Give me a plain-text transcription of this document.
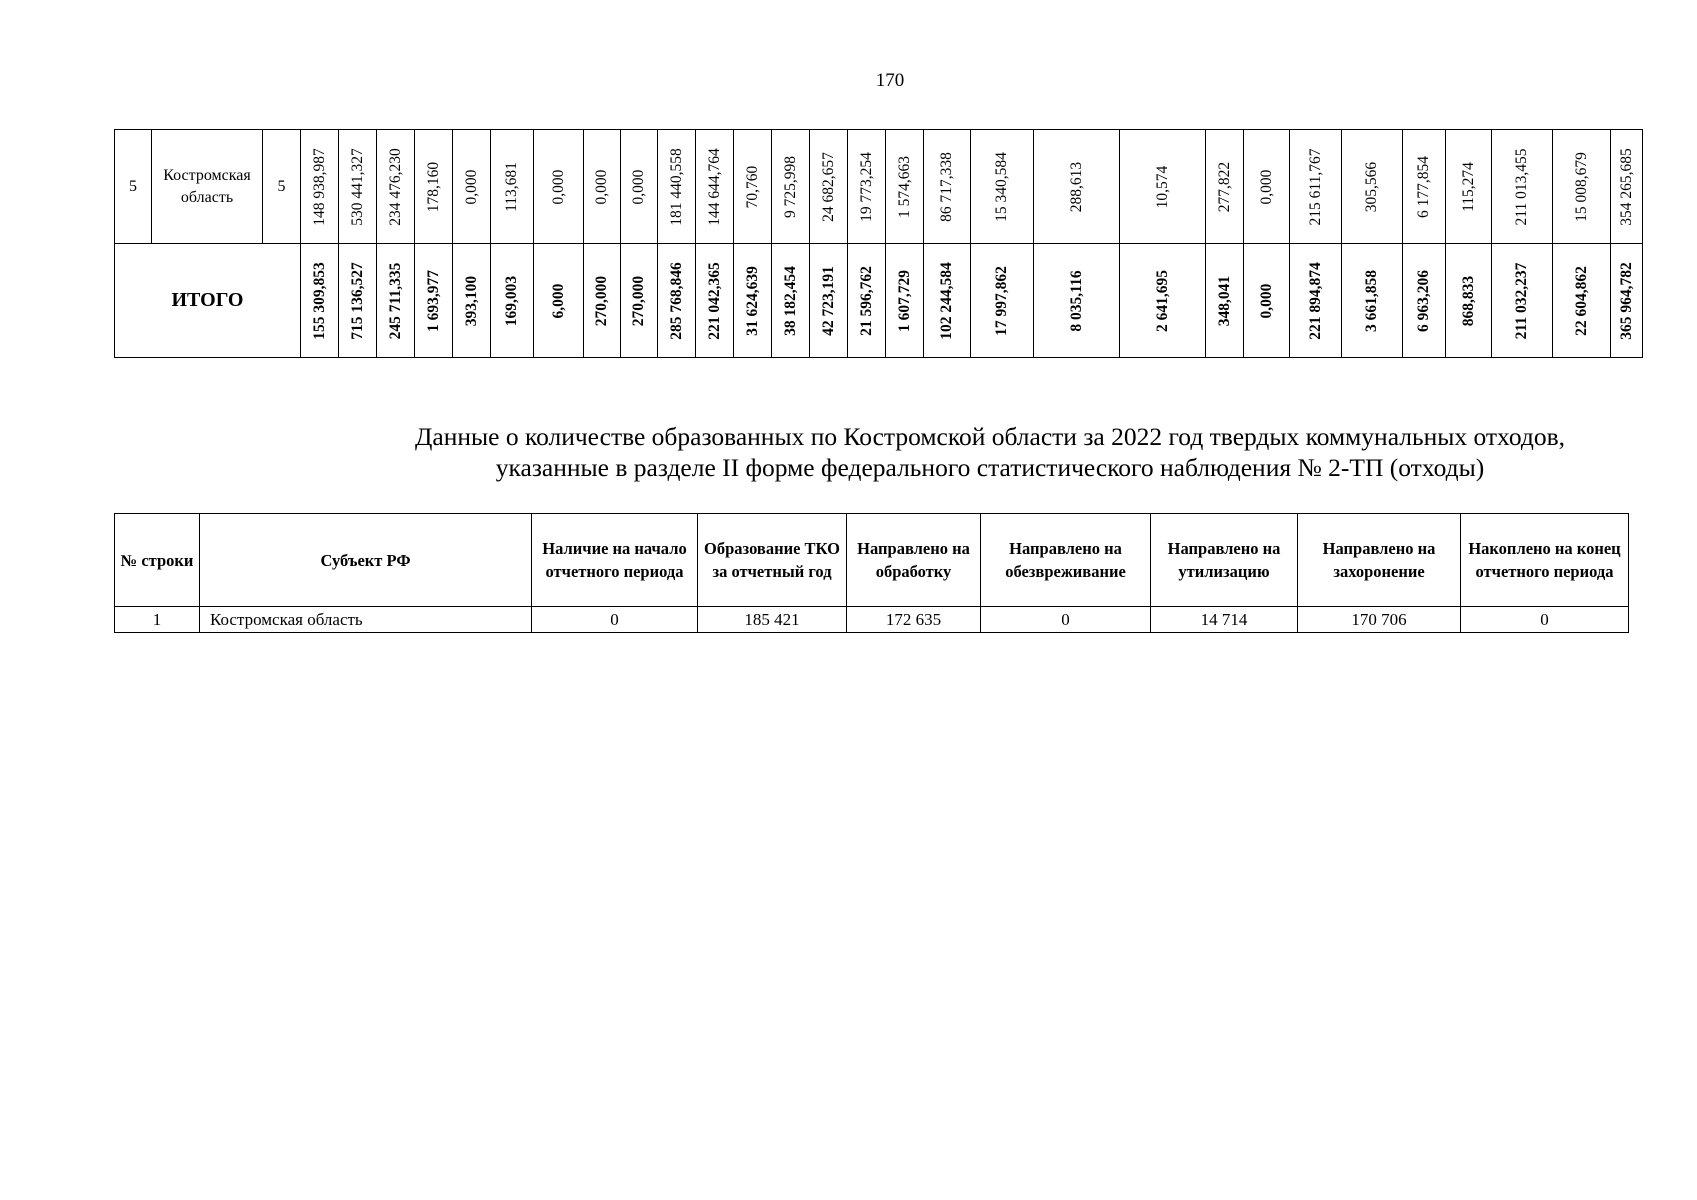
170
5	Костромская область	5	148 938,987	530 441,327	234 476,230	178,160	0,000	113,681	0,000	0,000	0,000	181 440,558	144 644,764	70,760	9 725,998	24 682,657	19 773,254	1 574,663	86 717,338	15 340,584	288,613	10,574	277,822	0,000	215 611,767	305,566	6 177,854	115,274	211 013,455	15 008,679	354 265,685

ИТОГО			155 309,853	715 136,527	245 711,335	1 693,977	393,100	169,003	6,000	270,000	270,000	285 768,846	221 042,365	31 624,639	38 182,454	42 723,191	21 596,762	1 607,729	102 244,584	17 997,862	8 035,116	2 641,695	348,041	0,000	221 894,874	3 661,858	6 963,206	868,833	211 032,237	22 604,862	365 964,782
Данные о количестве образованных по Костромской области за 2022 год твердых коммунальных отходов,
указанные в разделе II форме федерального статистического наблюдения № 2-ТП (отходы)
№ строки	Субъект РФ	Наличие на начало отчетного периода	Образование ТКО за отчетный год	Направлено на обработку	Направлено на обезвреживание	Направлено на утилизацию	Направлено на захоронение	Накоплено на конец отчетного периода
1	Костромская область	0	185 421	172 635	0	14 714	170 706	0
